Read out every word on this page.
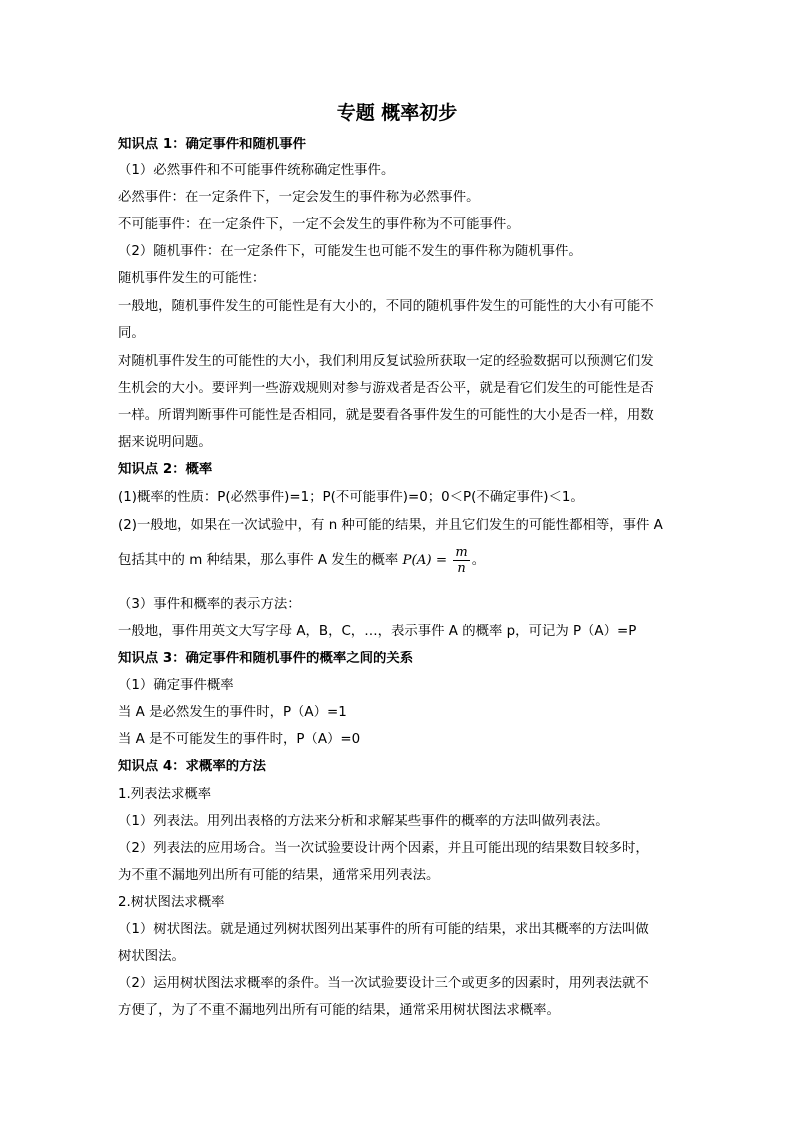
专题 概率初步
知识点 1：确定事件和随机事件
（1）必然事件和不可能事件统称确定性事件。
必然事件：在一定条件下，一定会发生的事件称为必然事件。
不可能事件：在一定条件下，一定不会发生的事件称为不可能事件。
（2）随机事件：在一定条件下，可能发生也可能不发生的事件称为随机事件。
随机事件发生的可能性：
一般地，随机事件发生的可能性是有大小的，不同的随机事件发生的可能性的大小有可能不
同。
对随机事件发生的可能性的大小，我们利用反复试验所获取一定的经验数据可以预测它们发
生机会的大小。要评判一些游戏规则对参与游戏者是否公平，就是看它们发生的可能性是否
一样。所谓判断事件可能性是否相同，就是要看各事件发生的可能性的大小是否一样，用数
据来说明问题。
知识点 2：概率
(1)概率的性质：P(必然事件)=1；P(不可能事件)=0；0＜P(不确定事件)＜1。
(2)一般地，如果在一次试验中，有 n 种可能的结果，并且它们发生的可能性都相等，事件 A
包括其中的 m 种结果，那么事件 A 发生的概率 $P(A) = \frac{m}{n}$ 。
（3）事件和概率的表示方法：
一般地，事件用英文大写字母 A，B，C，…，表示事件 A 的概率 p，可记为 P（A）=P
知识点 3：确定事件和随机事件的概率之间的关系
（1）确定事件概率
当 A 是必然发生的事件时，P（A）=1
当 A 是不可能发生的事件时，P（A）=0
知识点 4：求概率的方法
1.列表法求概率
（1）列表法。用列出表格的方法来分析和求解某些事件的概率的方法叫做列表法。
（2）列表法的应用场合。当一次试验要设计两个因素，并且可能出现的结果数目较多时，
为不重不漏地列出所有可能的结果，通常采用列表法。
2.树状图法求概率
（1）树状图法。就是通过列树状图列出某事件的所有可能的结果，求出其概率的方法叫做
树状图法。
（2）运用树状图法求概率的条件。当一次试验要设计三个或更多的因素时，用列表法就不
方便了，为了不重不漏地列出所有可能的结果，通常采用树状图法求概率。
